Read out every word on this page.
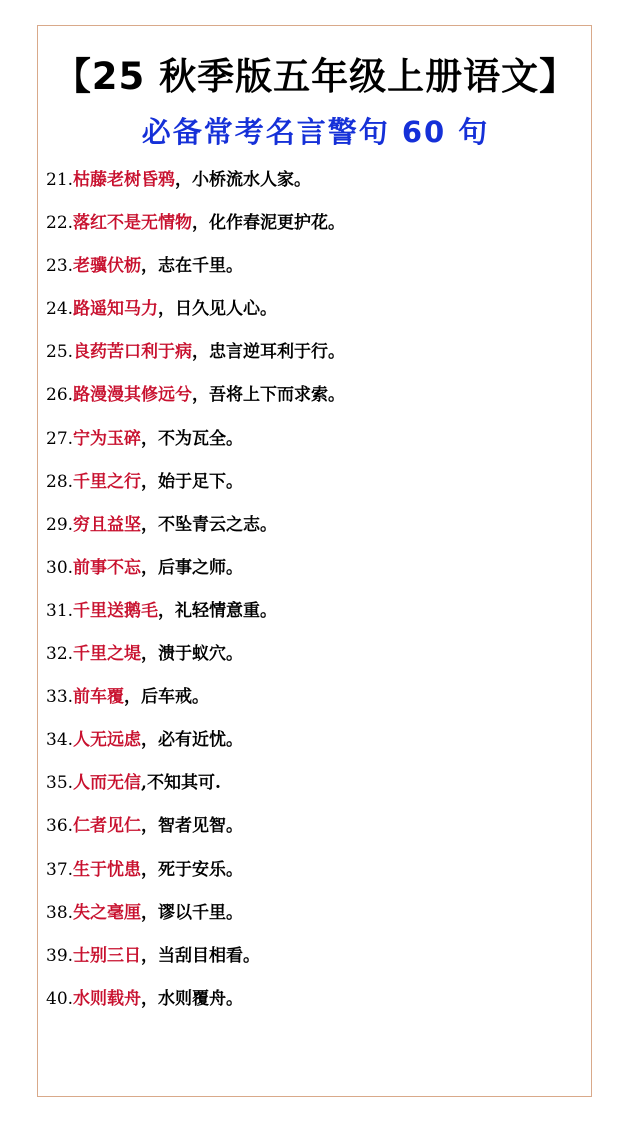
【25 秋季版五年级上册语文】
必备常考名言警句 60 句
21.枯藤老树昏鸦，小桥流水人家。
22.落红不是无情物，化作春泥更护花。
23.老骥伏枥，志在千里。
24.路遥知马力，日久见人心。
25.良药苦口利于病，忠言逆耳利于行。
26.路漫漫其修远兮，吾将上下而求索。
27.宁为玉碎，不为瓦全。
28.千里之行，始于足下。
29.穷且益坚，不坠青云之志。
30.前事不忘，后事之师。
31.千里送鹅毛，礼轻情意重。
32.千里之堤，溃于蚁穴。
33.前车覆，后车戒。
34.人无远虑，必有近忧。
35.人而无信,不知其可.
36.仁者见仁，智者见智。
37.生于忧患，死于安乐。
38.失之毫厘，谬以千里。
39.士别三日，当刮目相看。
40.水则载舟，水则覆舟。
